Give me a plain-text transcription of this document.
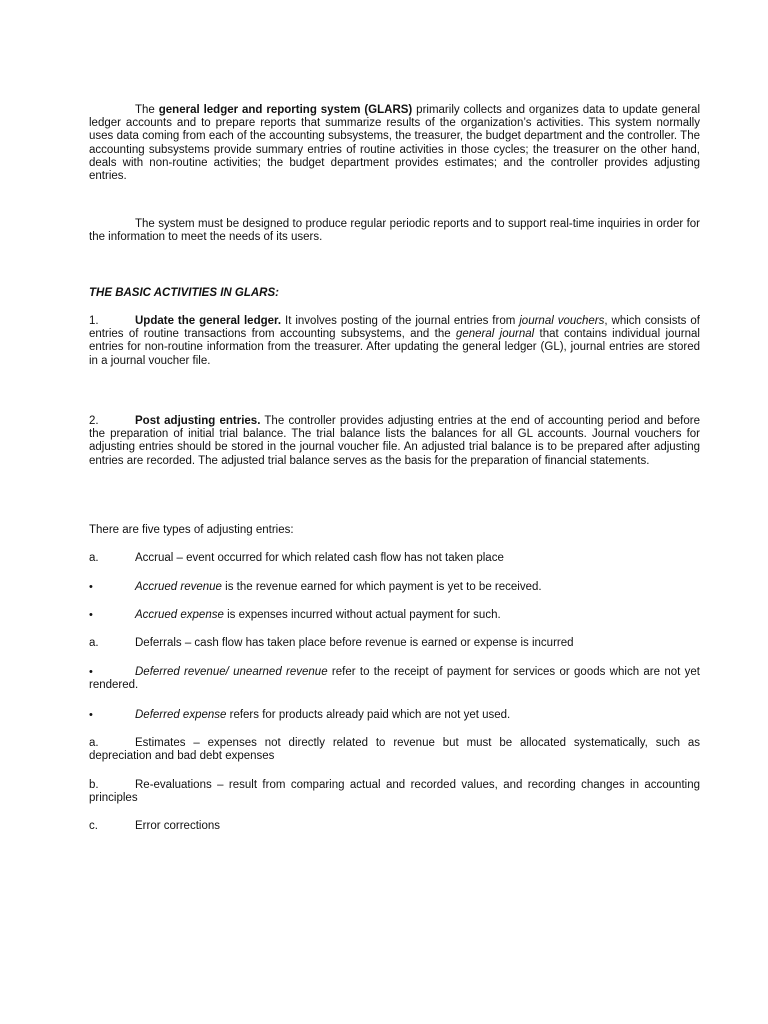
The general ledger and reporting system (GLARS) primarily collects and organizes data to update general ledger accounts and to prepare reports that summarize results of the organization’s activities. This system normally uses data coming from each of the accounting subsystems, the treasurer, the budget department and the controller. The accounting subsystems provide summary entries of routine activities in those cycles; the treasurer on the other hand, deals with non-routine activities; the budget department provides estimates; and the controller provides adjusting entries.

The system must be designed to produce regular periodic reports and to support real-time inquiries in order for the information to meet the needs of its users.

THE BASIC ACTIVITIES IN GLARS:

1.	Update the general ledger. It involves posting of the journal entries from journal vouchers, which consists of entries of routine transactions from accounting subsystems, and the general journal that contains individual journal entries for non-routine information from the treasurer. After updating the general ledger (GL), journal entries are stored in a journal voucher file.

2.	Post adjusting entries. The controller provides adjusting entries at the end of accounting period and before the preparation of initial trial balance. The trial balance lists the balances for all GL accounts. Journal vouchers for adjusting entries should be stored in the journal voucher file. An adjusted trial balance is to be prepared after adjusting entries are recorded. The adjusted trial balance serves as the basis for the preparation of financial statements.

There are five types of adjusting entries:

a.	Accrual – event occurred for which related cash flow has not taken place

•	Accrued revenue is the revenue earned for which payment is yet to be received.

•	Accrued expense is expenses incurred without actual payment for such.

a.	Deferrals – cash flow has taken place before revenue is earned or expense is incurred

•	Deferred revenue/ unearned revenue refer to the receipt of payment for services or goods which are not yet rendered.

•	Deferred expense refers for products already paid which are not yet used.

a.	Estimates – expenses not directly related to revenue but must be allocated systematically, such as depreciation and bad debt expenses

b.	Re-evaluations – result from comparing actual and recorded values, and recording changes in accounting principles

c.	Error corrections
